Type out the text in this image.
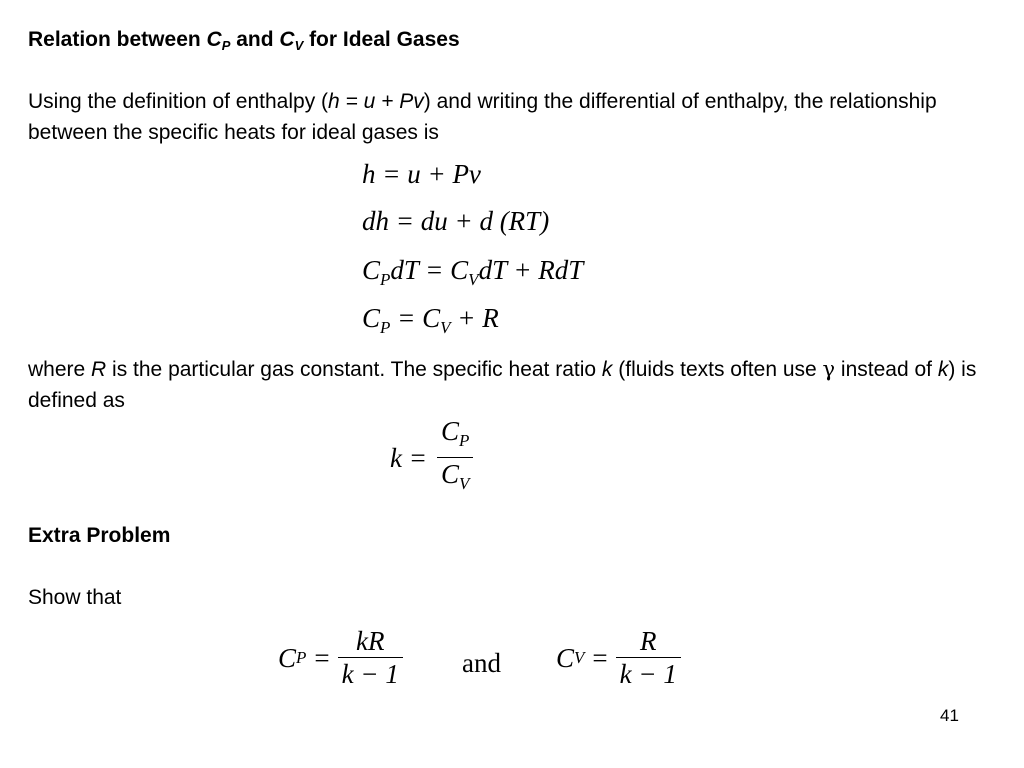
Relation between $C_P$ and $C_V$ for Ideal Gases
Using the definition of enthalpy (h = u + Pv) and writing the differential of enthalpy, the relationship between the specific heats for ideal gases is
h = u + Pv
dh = du + d (RT)
$C_PdT = C_VdT$ + RdT
$C_P = C_V + R$
where R is the particular gas constant. The specific heat ratio k (fluids texts often use γ instead of k) is defined as
$k = \frac{C_P}{C_V}$
Extra Problem
Show that
C $P = \frac{kR}{k - 1}$ and C $V = \frac{R}{k - 1}$
41
